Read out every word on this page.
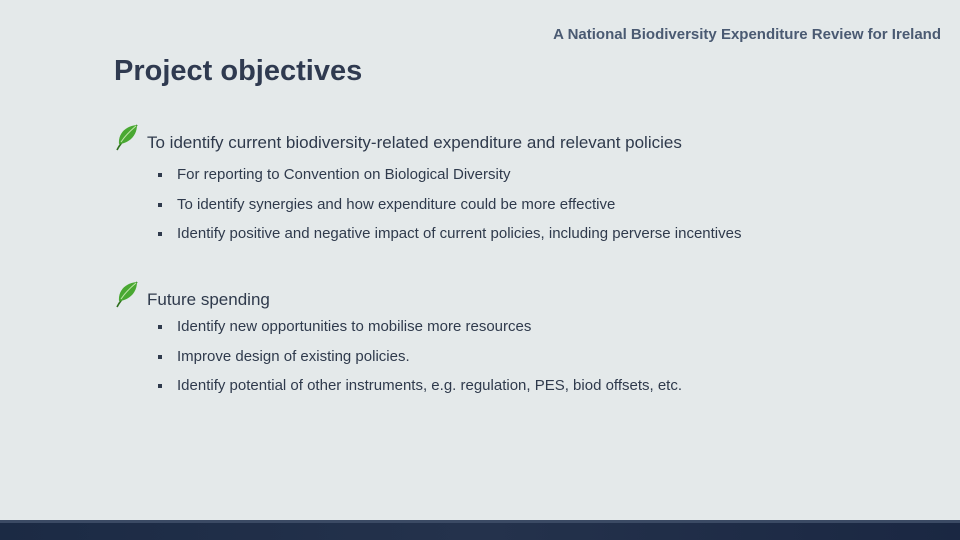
A National Biodiversity Expenditure Review for Ireland
Project objectives
To identify current biodiversity-related expenditure and relevant policies
For reporting to Convention on Biological Diversity
To identify synergies and how expenditure could be more effective
Identify positive and negative impact of current policies, including perverse incentives
Future spending
Identify new opportunities to mobilise more resources
Improve design of existing policies.
Identify potential of other instruments, e.g. regulation, PES, biod offsets, etc.
